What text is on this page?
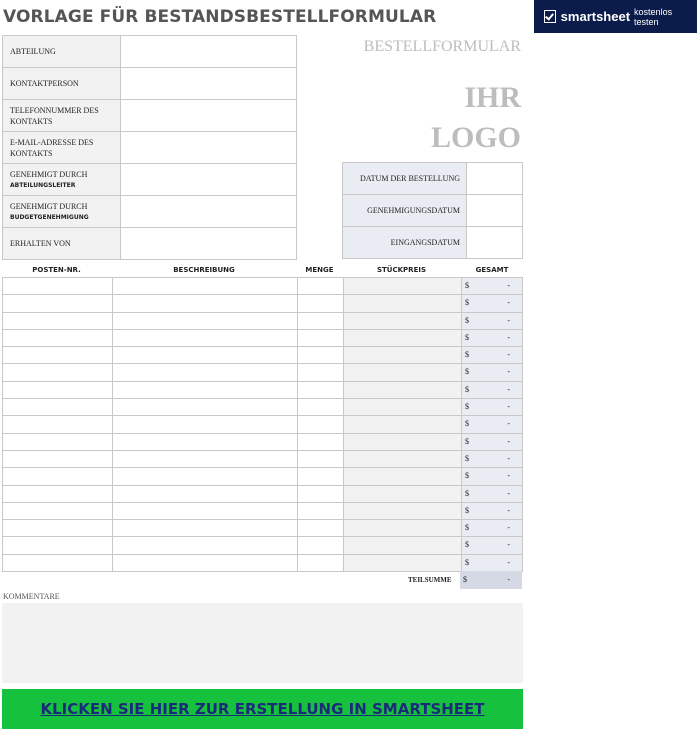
VORLAGE FÜR BESTANDSBESTELLFORMULAR	smartsheet kostenlos testen
ABTEILUNG	
KONTAKTPERSON	
TELEFONNUMMER DES KONTAKTS	
E-MAIL-ADRESSE DES KONTAKTS	
GENEHMIGT DURCH
ABTEILUNGSLEITER	

GENEHMIGT DURCH
BUDGETGENEHMIGUNG	

ERHALTEN VON	
BESTELLFORMULAR
IHR
LOGO
DATUM DER BESTELLUNG	
GENEHMIGUNGSDATUM	
EINGANGSDATUM	
POSTEN-NR.	BESCHREIBUNG	MENGE	STÜCKPREIS	GESAMT

				$ -

				$ -

				$ -

				$ -

				$ -

				$ -

				$ -

				$ -

				$ -

				$ -

				$ -

				$ -

				$ -

				$ -

				$ -

				$ -

				$ -
TEILSUMME $	-
KOMMENTARE
KLICKEN SIE HIER ZUR ERSTELLUNG IN SMARTSHEET
